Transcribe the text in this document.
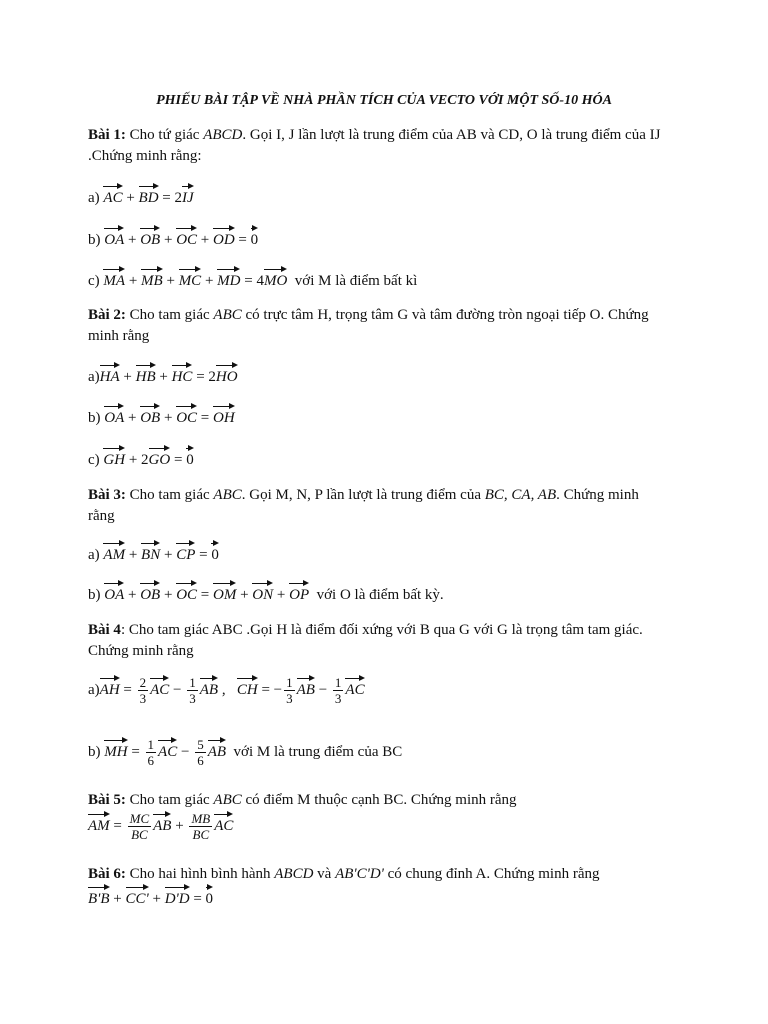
PHIẾU BÀI TẬP VỀ NHÀ PHẦN TÍCH CỦA VECTO VỚI MỘT SỐ-10 HÓA
Bài 1: Cho tứ giác ABCD. Gọi I, J lần lượt là trung điểm của AB và CD, O là trung điểm của IJ
.Chứng minh rằng:
a) AC + BD = 2IJ
b) OA + OB + OC + OD = 0
c) MA + MB + MC + MD = 4MO với M là điểm bất kì
Bài 2: Cho tam giác ABC có trực tâm H, trọng tâm G và tâm đường tròn ngoại tiếp O. Chứng
minh rằng
a)HA + HB + HC = 2HO
b) OA + OB + OC = OH
c) GH + 2GO = 0
Bài 3: Cho tam giác ABC. Gọi M, N, P lần lượt là trung điểm của BC, CA, AB. Chứng minh
rằng
a) AM + BN + CP = 0
b) OA + OB + OC = OM + ON + OP với O là điểm bất kỳ.
Bài 4: Cho tam giác ABC .Gọi H là điểm đối xứng với B qua G với G là trọng tâm tam giác.
Chứng minh rằng
$a)AH = \frac{2}{3}$ AC − $\frac{1}{3}$ AB ,   CH = − $\frac{1}{3}$ AB − $\frac{1}{3}$ AC
b) MH = $\frac{1}{6}$ AC − $\frac{5}{6}$ AB với M là trung điểm của BC
Bài 5: Cho tam giác ABC có điểm M thuộc cạnh BC. Chứng minh rằng
AM = $\frac{MC}{BC}$ AB + $\frac{MB}{BC}$ AC
Bài 6: Cho hai hình bình hành ABCD và AB'C'D' có chung đỉnh A. Chứng minh rằng
B'B + CC' + D'D = 0
